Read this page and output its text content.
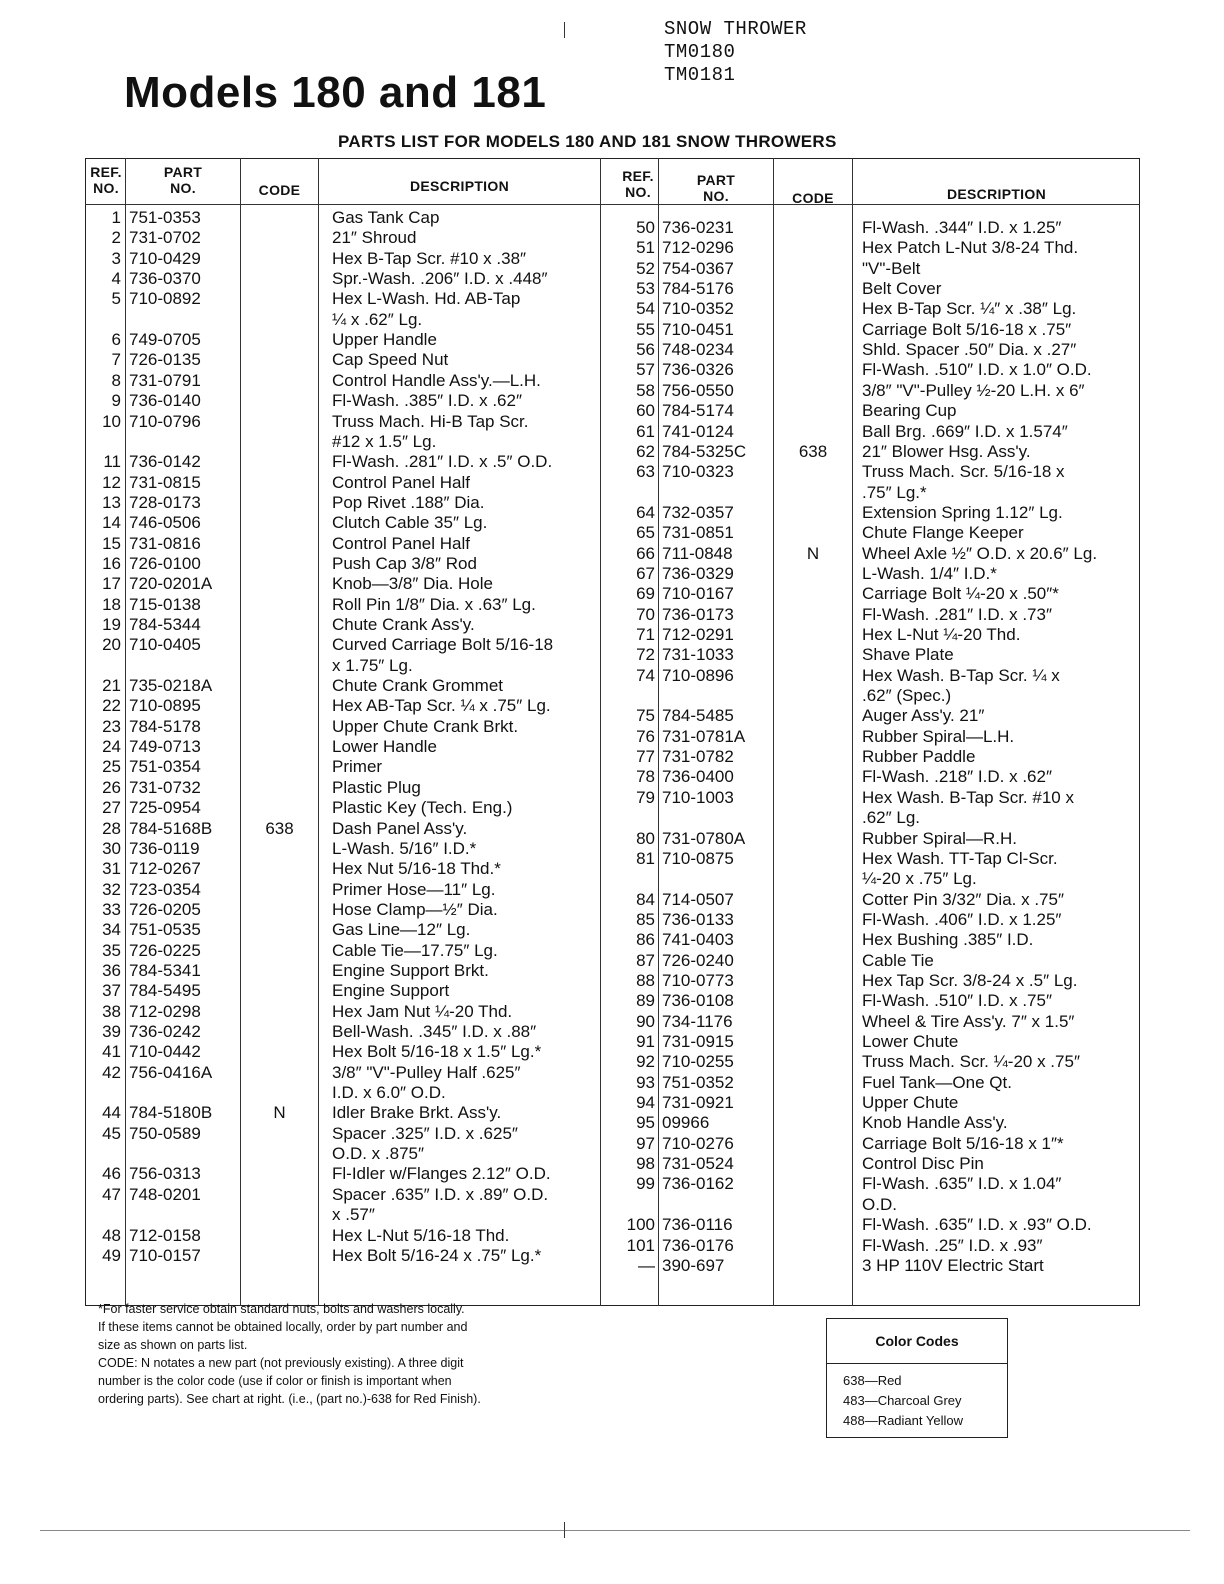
SNOW THROWER
TM0180
TM0181
Models 180 and 181
PARTS LIST FOR MODELS 180 AND 181 SNOW THROWERS
REF.
NO.
PART
NO.	CODE	DESCRIPTION
REF.
NO.
PART
NO.	CODE	DESCRIPTION
1 751-0353	Gas Tank Cap
2 731-0702	21″ Shroud
3 710-0429	Hex B-Tap Scr. #10 x .38″
4 736-0370	Spr.-Wash. .206″ I.D. x .448″
5 710-0892	Hex L-Wash. Hd. AB-Tap
¼ x .62″ Lg.
6 749-0705	Upper Handle
7 726-0135	Cap Speed Nut
8 731-0791	Control Handle Ass'y.—L.H.
9 736-0140	Fl-Wash. .385″ I.D. x .62″
10 710-0796	Truss Mach. Hi-B Tap Scr.
#12 x 1.5″ Lg.
11 736-0142	Fl-Wash. .281″ I.D. x .5″ O.D.
12 731-0815	Control Panel Half
13 728-0173	Pop Rivet .188″ Dia.
14 746-0506	Clutch Cable 35″ Lg.
15 731-0816	Control Panel Half
16 726-0100	Push Cap 3/8″ Rod
17 720-0201A	Knob—3/8″ Dia. Hole
18 715-0138	Roll Pin 1/8″ Dia. x .63″ Lg.
19 784-5344	Chute Crank Ass'y.
20 710-0405	Curved Carriage Bolt 5/16-18
x 1.75″ Lg.
21 735-0218A	Chute Crank Grommet
22 710-0895	Hex AB-Tap Scr. ¼ x .75″ Lg.
23 784-5178	Upper Chute Crank Brkt.
24 749-0713	Lower Handle
25 751-0354	Primer
26 731-0732	Plastic Plug
27 725-0954	Plastic Key (Tech. Eng.)
28 784-5168B	638	Dash Panel Ass'y.
30 736-0119	L-Wash. 5/16″ I.D.*
31 712-0267	Hex Nut 5/16-18 Thd.*
32 723-0354	Primer Hose—11″ Lg.
33 726-0205	Hose Clamp—½″ Dia.
34 751-0535	Gas Line—12″ Lg.
35 726-0225	Cable Tie—17.75″ Lg.
36 784-5341	Engine Support Brkt.
37 784-5495	Engine Support
38 712-0298	Hex Jam Nut ¼-20 Thd.
39 736-0242	Bell-Wash. .345″ I.D. x .88″
41 710-0442	Hex Bolt 5/16-18 x 1.5″ Lg.*
42 756-0416A	3/8″ "V"-Pulley Half .625″
I.D. x 6.0″ O.D.
44 784-5180B	N	Idler Brake Brkt. Ass'y.
45 750-0589	Spacer .325″ I.D. x .625″
O.D. x .875″
46 756-0313	Fl-Idler w/Flanges 2.12″ O.D.
47 748-0201	Spacer .635″ I.D. x .89″ O.D.
x .57″
48 712-0158	Hex L-Nut 5/16-18 Thd.
49 710-0157	Hex Bolt 5/16-24 x .75″ Lg.*
50 736-0231	Fl-Wash. .344″ I.D. x 1.25″
51 712-0296	Hex Patch L-Nut 3/8-24 Thd.
52 754-0367	"V"-Belt
53 784-5176	Belt Cover
54 710-0352	Hex B-Tap Scr. ¼″ x .38″ Lg.
55 710-0451	Carriage Bolt 5/16-18 x .75″
56 748-0234	Shld. Spacer .50″ Dia. x .27″
57 736-0326	Fl-Wash. .510″ I.D. x 1.0″ O.D.
58 756-0550	3/8″ "V"-Pulley ½-20 L.H. x 6″
60 784-5174	Bearing Cup
61 741-0124	Ball Brg. .669″ I.D. x 1.574″
62 784-5325C	638	21″ Blower Hsg. Ass'y.
63 710-0323	Truss Mach. Scr. 5/16-18 x
.75″ Lg.*
64 732-0357	Extension Spring 1.12″ Lg.
65 731-0851	Chute Flange Keeper
66 711-0848	N	Wheel Axle ½″ O.D. x 20.6″ Lg.
67 736-0329	L-Wash. 1/4″ I.D.*
69 710-0167	Carriage Bolt ¼-20 x .50″*
70 736-0173	Fl-Wash. .281″ I.D. x .73″
71 712-0291	Hex L-Nut ¼-20 Thd.
72 731-1033	Shave Plate
74 710-0896	Hex Wash. B-Tap Scr. ¼ x
.62″ (Spec.)
75 784-5485	Auger Ass'y. 21″
76 731-0781A	Rubber Spiral—L.H.
77 731-0782	Rubber Paddle
78 736-0400	Fl-Wash. .218″ I.D. x .62″
79 710-1003	Hex Wash. B-Tap Scr. #10 x
.62″ Lg.
80 731-0780A	Rubber Spiral—R.H.
81 710-0875	Hex Wash. TT-Tap Cl-Scr.
¼-20 x .75″ Lg.
84 714-0507	Cotter Pin 3/32″ Dia. x .75″
85 736-0133	Fl-Wash. .406″ I.D. x 1.25″
86 741-0403	Hex Bushing .385″ I.D.
87 726-0240	Cable Tie
88 710-0773	Hex Tap Scr. 3/8-24 x .5″ Lg.
89 736-0108	Fl-Wash. .510″ I.D. x .75″
90 734-1176	Wheel & Tire Ass'y. 7″ x 1.5″
91 731-0915	Lower Chute
92 710-0255	Truss Mach. Scr. ¼-20 x .75″
93 751-0352	Fuel Tank—One Qt.
94 731-0921	Upper Chute
95 09966	Knob Handle Ass'y.
97 710-0276	Carriage Bolt 5/16-18 x 1″*
98 731-0524	Control Disc Pin
99 736-0162	Fl-Wash. .635″ I.D. x 1.04″
O.D.
100 736-0116	Fl-Wash. .635″ I.D. x .93″ O.D.
101 736-0176	Fl-Wash. .25″ I.D. x .93″
— 390-697	3 HP 110V Electric Start

*For faster service obtain standard nuts, bolts and washers locally.

If these items cannot be obtained locally, order by part number and

size as shown on parts list.

CODE: N notates a new part (not previously existing). A three digit

number is the color code (use if color or finish is important when

ordering parts). See chart at right. (i.e., (part no.)-638 for Red Finish).

Color Codes
638—Red
483—Charcoal Grey
488—Radiant Yellow
